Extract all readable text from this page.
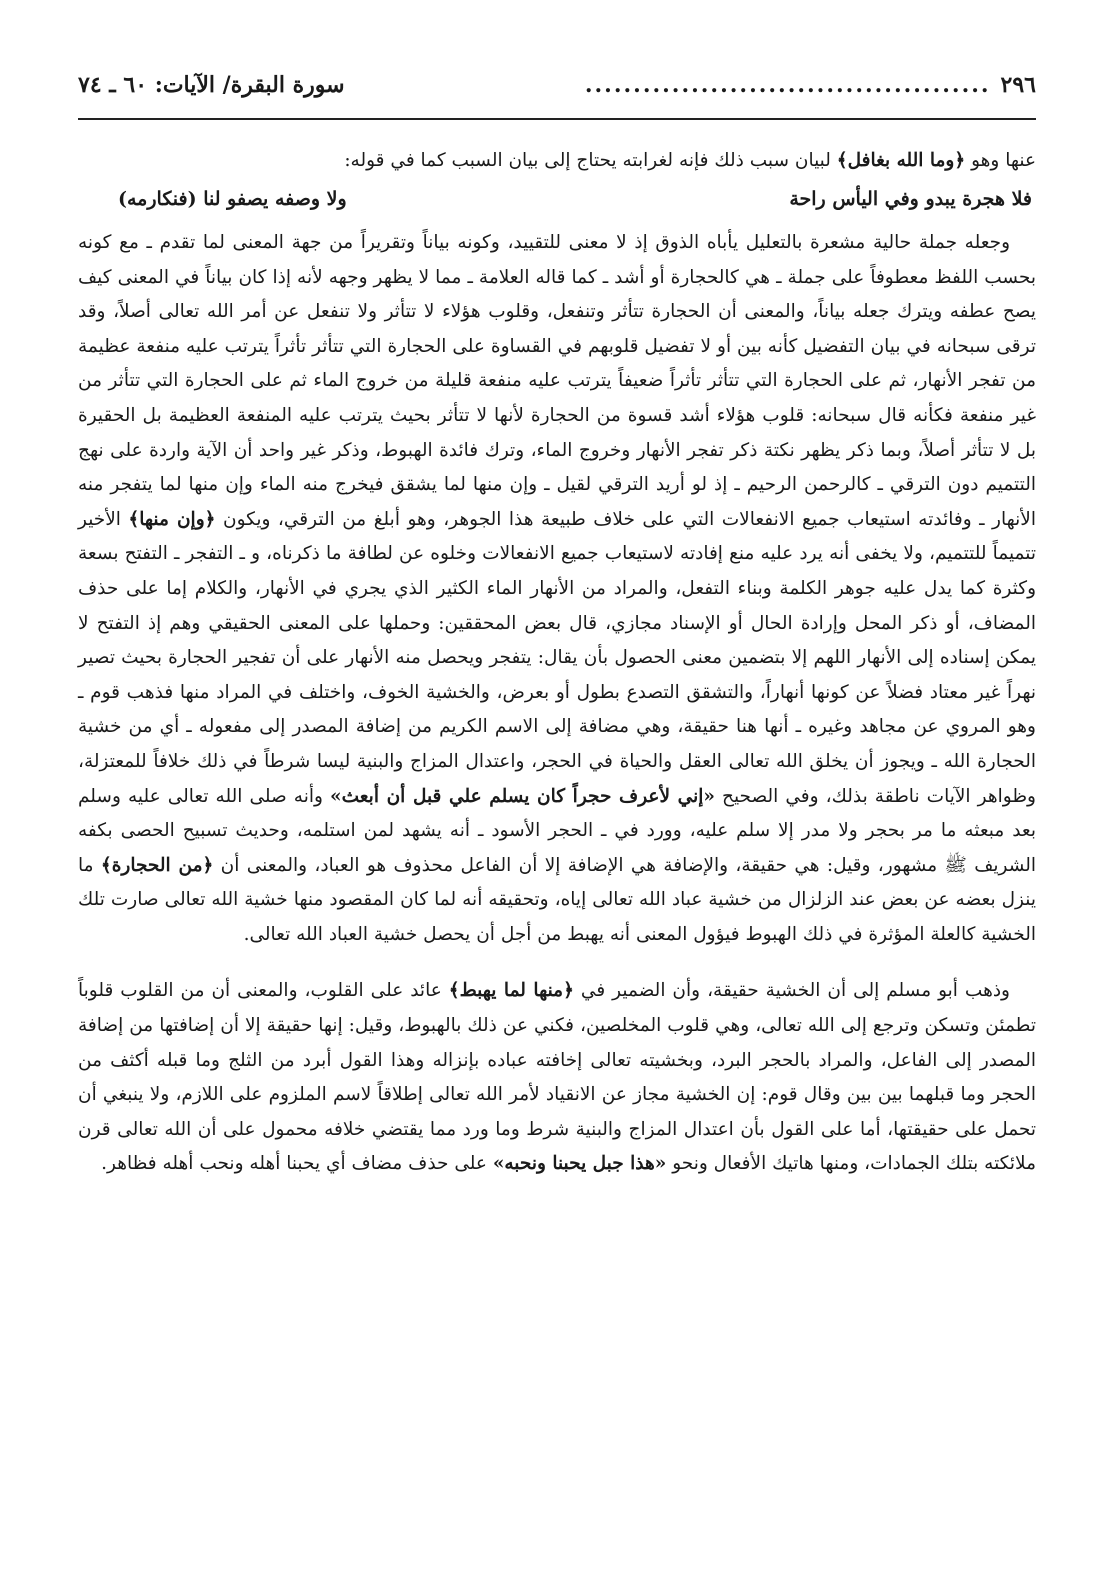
٢٩٦
..........................................
سورة البقرة/ الآيات: ٦٠ ـ ٧٤

عنها وهو ﴿وما الله بغافل﴾ لبيان سبب ذلك فإنه لغرابته يحتاج إلى بيان السبب كما في قوله:

فلا هجرة يبدو وفي اليأس راحة
ولا وصفه يصفو لنا (فنكارمه)

وجعله جملة حالية مشعرة بالتعليل يأباه الذوق إذ لا معنى للتقييد، وكونه بياناً وتقريراً من جهة المعنى لما تقدم ـ مع كونه بحسب اللفظ معطوفاً على جملة ـ هي كالحجارة أو أشد ـ كما قاله العلامة ـ مما لا يظهر وجهه لأنه إذا كان بياناً في المعنى كيف يصح عطفه ويترك جعله بياناً، والمعنى أن الحجارة تتأثر وتنفعل، وقلوب هؤلاء لا تتأثر ولا تنفعل عن أمر الله تعالى أصلاً، وقد ترقى سبحانه في بيان التفضيل كأنه بين أو لا تفضيل قلوبهم في القساوة على الحجارة التي تتأثر تأثراً يترتب عليه منفعة عظيمة من تفجر الأنهار، ثم على الحجارة التي تتأثر تأثراً ضعيفاً يترتب عليه منفعة قليلة من خروج الماء ثم على الحجارة التي تتأثر من غير منفعة فكأنه قال سبحانه: قلوب هؤلاء أشد قسوة من الحجارة لأنها لا تتأثر بحيث يترتب عليه المنفعة العظيمة بل الحقيرة بل لا تتأثر أصلاً، وبما ذكر يظهر نكتة ذكر تفجر الأنهار وخروج الماء، وترك فائدة الهبوط، وذكر غير واحد أن الآية واردة على نهج التتميم دون الترقي ـ كالرحمن الرحيم ـ إذ لو أريد الترقي لقيل ـ وإن منها لما يشقق فيخرج منه الماء وإن منها لما يتفجر منه الأنهار ـ وفائدته استيعاب جميع الانفعالات التي على خلاف طبيعة هذا الجوهر، وهو أبلغ من الترقي، ويكون ﴿وإن منها﴾ الأخير تتميماً للتتميم، ولا يخفى أنه يرد عليه منع إفادته لاستيعاب جميع الانفعالات وخلوه عن لطافة ما ذكرناه، و ـ التفجر ـ التفتح بسعة وكثرة كما يدل عليه جوهر الكلمة وبناء التفعل، والمراد من الأنهار الماء الكثير الذي يجري في الأنهار، والكلام إما على حذف المضاف، أو ذكر المحل وإرادة الحال أو الإسناد مجازي، قال بعض المحققين: وحملها على المعنى الحقيقي وهم إذ التفتح لا يمكن إسناده إلى الأنهار اللهم إلا بتضمين معنى الحصول بأن يقال: يتفجر ويحصل منه الأنهار على أن تفجير الحجارة بحيث تصير نهراً غير معتاد فضلاً عن كونها أنهاراً، والتشقق التصدع بطول أو بعرض، والخشية الخوف، واختلف في المراد منها فذهب قوم ـ وهو المروي عن مجاهد وغيره ـ أنها هنا حقيقة، وهي مضافة إلى الاسم الكريم من إضافة المصدر إلى مفعوله ـ أي من خشية الحجارة الله ـ ويجوز أن يخلق الله تعالى العقل والحياة في الحجر، واعتدال المزاج والبنية ليسا شرطاً في ذلك خلافاً للمعتزلة، وظواهر الآيات ناطقة بذلك، وفي الصحيح «إني لأعرف حجراً كان يسلم علي قبل أن أبعث» وأنه صلى الله تعالى عليه وسلم بعد مبعثه ما مر بحجر ولا مدر إلا سلم عليه، وورد في ـ الحجر الأسود ـ أنه يشهد لمن استلمه، وحديث تسبيح الحصى بكفه الشريف ﷺ مشهور، وقيل: هي حقيقة، والإضافة هي الإضافة إلا أن الفاعل محذوف هو العباد، والمعنى أن ﴿من الحجارة﴾ ما ينزل بعضه عن بعض عند الزلزال من خشية عباد الله تعالى إياه، وتحقيقه أنه لما كان المقصود منها خشية الله تعالى صارت تلك الخشية كالعلة المؤثرة في ذلك الهبوط فيؤول المعنى أنه يهبط من أجل أن يحصل خشية العباد الله تعالى.

وذهب أبو مسلم إلى أن الخشية حقيقة، وأن الضمير في ﴿منها لما يهبط﴾ عائد على القلوب، والمعنى أن من القلوب قلوباً تطمئن وتسكن وترجع إلى الله تعالى، وهي قلوب المخلصين، فكني عن ذلك بالهبوط، وقيل: إنها حقيقة إلا أن إضافتها من إضافة المصدر إلى الفاعل، والمراد بالحجر البرد، وبخشيته تعالى إخافته عباده بإنزاله وهذا القول أبرد من الثلج وما قبله أكثف من الحجر وما قبلهما بين بين وقال قوم: إن الخشية مجاز عن الانقياد لأمر الله تعالى إطلاقاً لاسم الملزوم على اللازم، ولا ينبغي أن تحمل على حقيقتها، أما على القول بأن اعتدال المزاج والبنية شرط وما ورد مما يقتضي خلافه محمول على أن الله تعالى قرن ملائكته بتلك الجمادات، ومنها هاتيك الأفعال ونحو «هذا جبل يحبنا ونحبه» على حذف مضاف أي يحبنا أهله ونحب أهله فظاهر.
